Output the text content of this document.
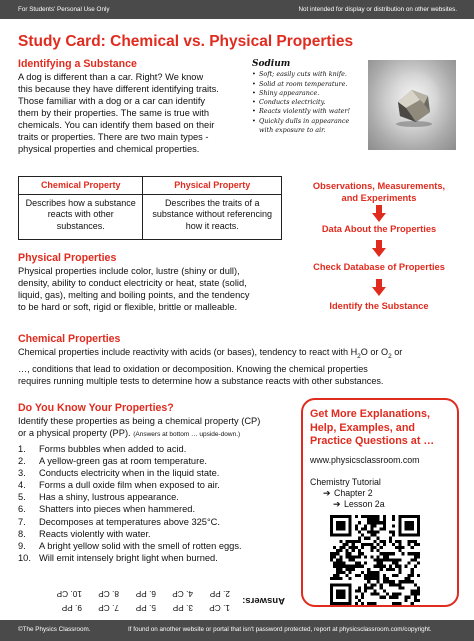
For Students' Personal Use Only	Not intended for display or distribution on other websites.
Study Card: Chemical vs. Physical Properties
Identifying a Substance
A dog is different than a car. Right? We know
this because they have different identifying traits.
Those familiar with a dog or a car can identify
them by their properties. The same is true with
chemicals. You can identify them based on their
traits or properties. There are two main types -
physical properties and chemical properties.
Sodium
• Soft; easily cuts with knife.
• Solid at room temperature.
• Shiny appearance.
• Conducts electricity.
• Reacts violently with water!
• Quickly dulls in appearance
with exposure to air.
Chemical Property	Physical Property
Describes how a substance reacts with other substances.	Describes the traits of a substance without referencing how it reacts.
Observations, Measurements,
and Experiments
Data About the Properties
Check Database of Properties
Identify the Substance
Physical Properties
Physical properties include color, lustre (shiny or dull),
density, ability to conduct electricity or heat, state (solid,
liquid, gas), melting and boiling points, and the tendency
to be hard or soft, rigid or flexible, brittle or malleable.
Chemical Properties
Chemical properties include reactivity with acids (or bases), tendency to react with $H_2O$ or $O_2$ or
…, conditions that lead to oxidation or decomposition. Knowing the chemical properties
requires running multiple tests to determine how a substance reacts with other substances.
Do You Know Your Properties?
Identify these properties as being a chemical property (CP)
or a physical property (PP). (Answers at bottom … upside-down.)
1. Forms bubbles when added to acid.
2. A yellow-green gas at room temperature.
3. Conducts electricity when in the liquid state.
4. Forms a dull oxide film when exposed to air.
5. Has a shiny, lustrous appearance.
6. Shatters into pieces when hammered.
7. Decomposes at temperatures above 325°C.
8. Reacts violently with water.
9. A bright yellow solid with the smell of rotten eggs.
10. Will emit intensely bright light when burned.
Answers:
1. CP
2. PP
3. PP
4. CP
5. PP
6. PP
7. CP
8. CP
9. PP
10. CP
Get More Explanations, Help, Examples, and Practice Questions at …
www.physicsclassroom.com
Chemistry Tutorial
➔ Chapter 2
➔ Lesson 2a
©The Physics Classroom.	If found on another website or portal that isn't password protected, report at physicsclassroom.com/copyright.
